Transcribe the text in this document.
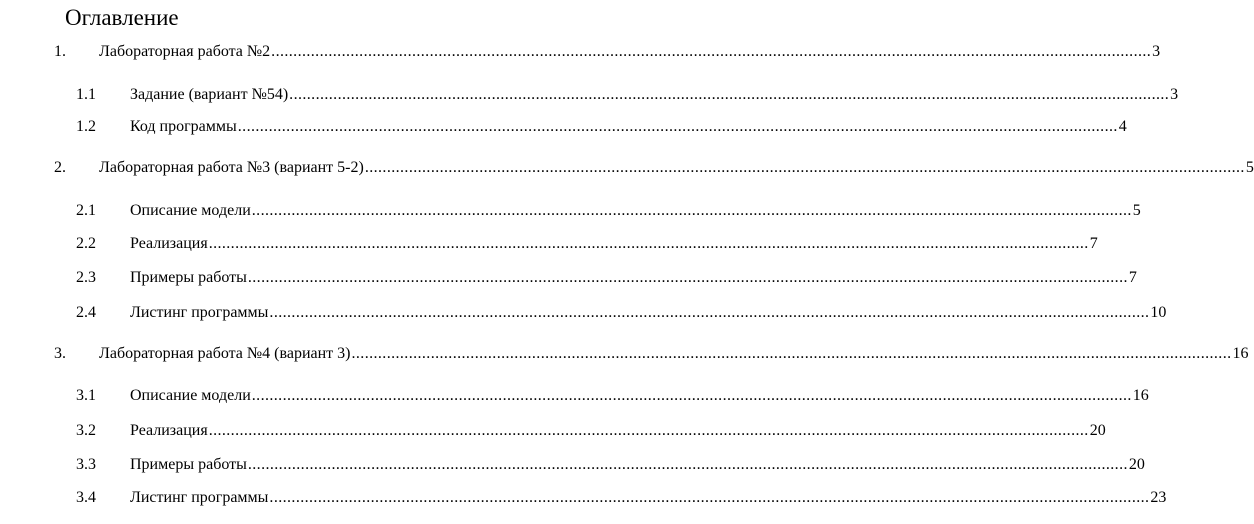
Оглавление
1. Лабораторная работа №2 ........................................................................................................................................................................................................ 3
1.1 Задание (вариант №54) ........................................................................................................................................................................................................ 3
1.2 Код программы ........................................................................................................................................................................................................ 4
2. Лабораторная работа №3 (вариант 5-2) ........................................................................................................................................................................................................ 5
2.1 Описание модели ........................................................................................................................................................................................................ 5
2.2 Реализация ........................................................................................................................................................................................................ 7
2.3 Примеры работы ........................................................................................................................................................................................................ 7
2.4 Листинг программы ........................................................................................................................................................................................................ 10
3. Лабораторная работа №4 (вариант 3) ........................................................................................................................................................................................................ 16
3.1 Описание модели ........................................................................................................................................................................................................ 16
3.2 Реализация ........................................................................................................................................................................................................ 20
3.3 Примеры работы ........................................................................................................................................................................................................ 20
3.4 Листинг программы ........................................................................................................................................................................................................ 23
